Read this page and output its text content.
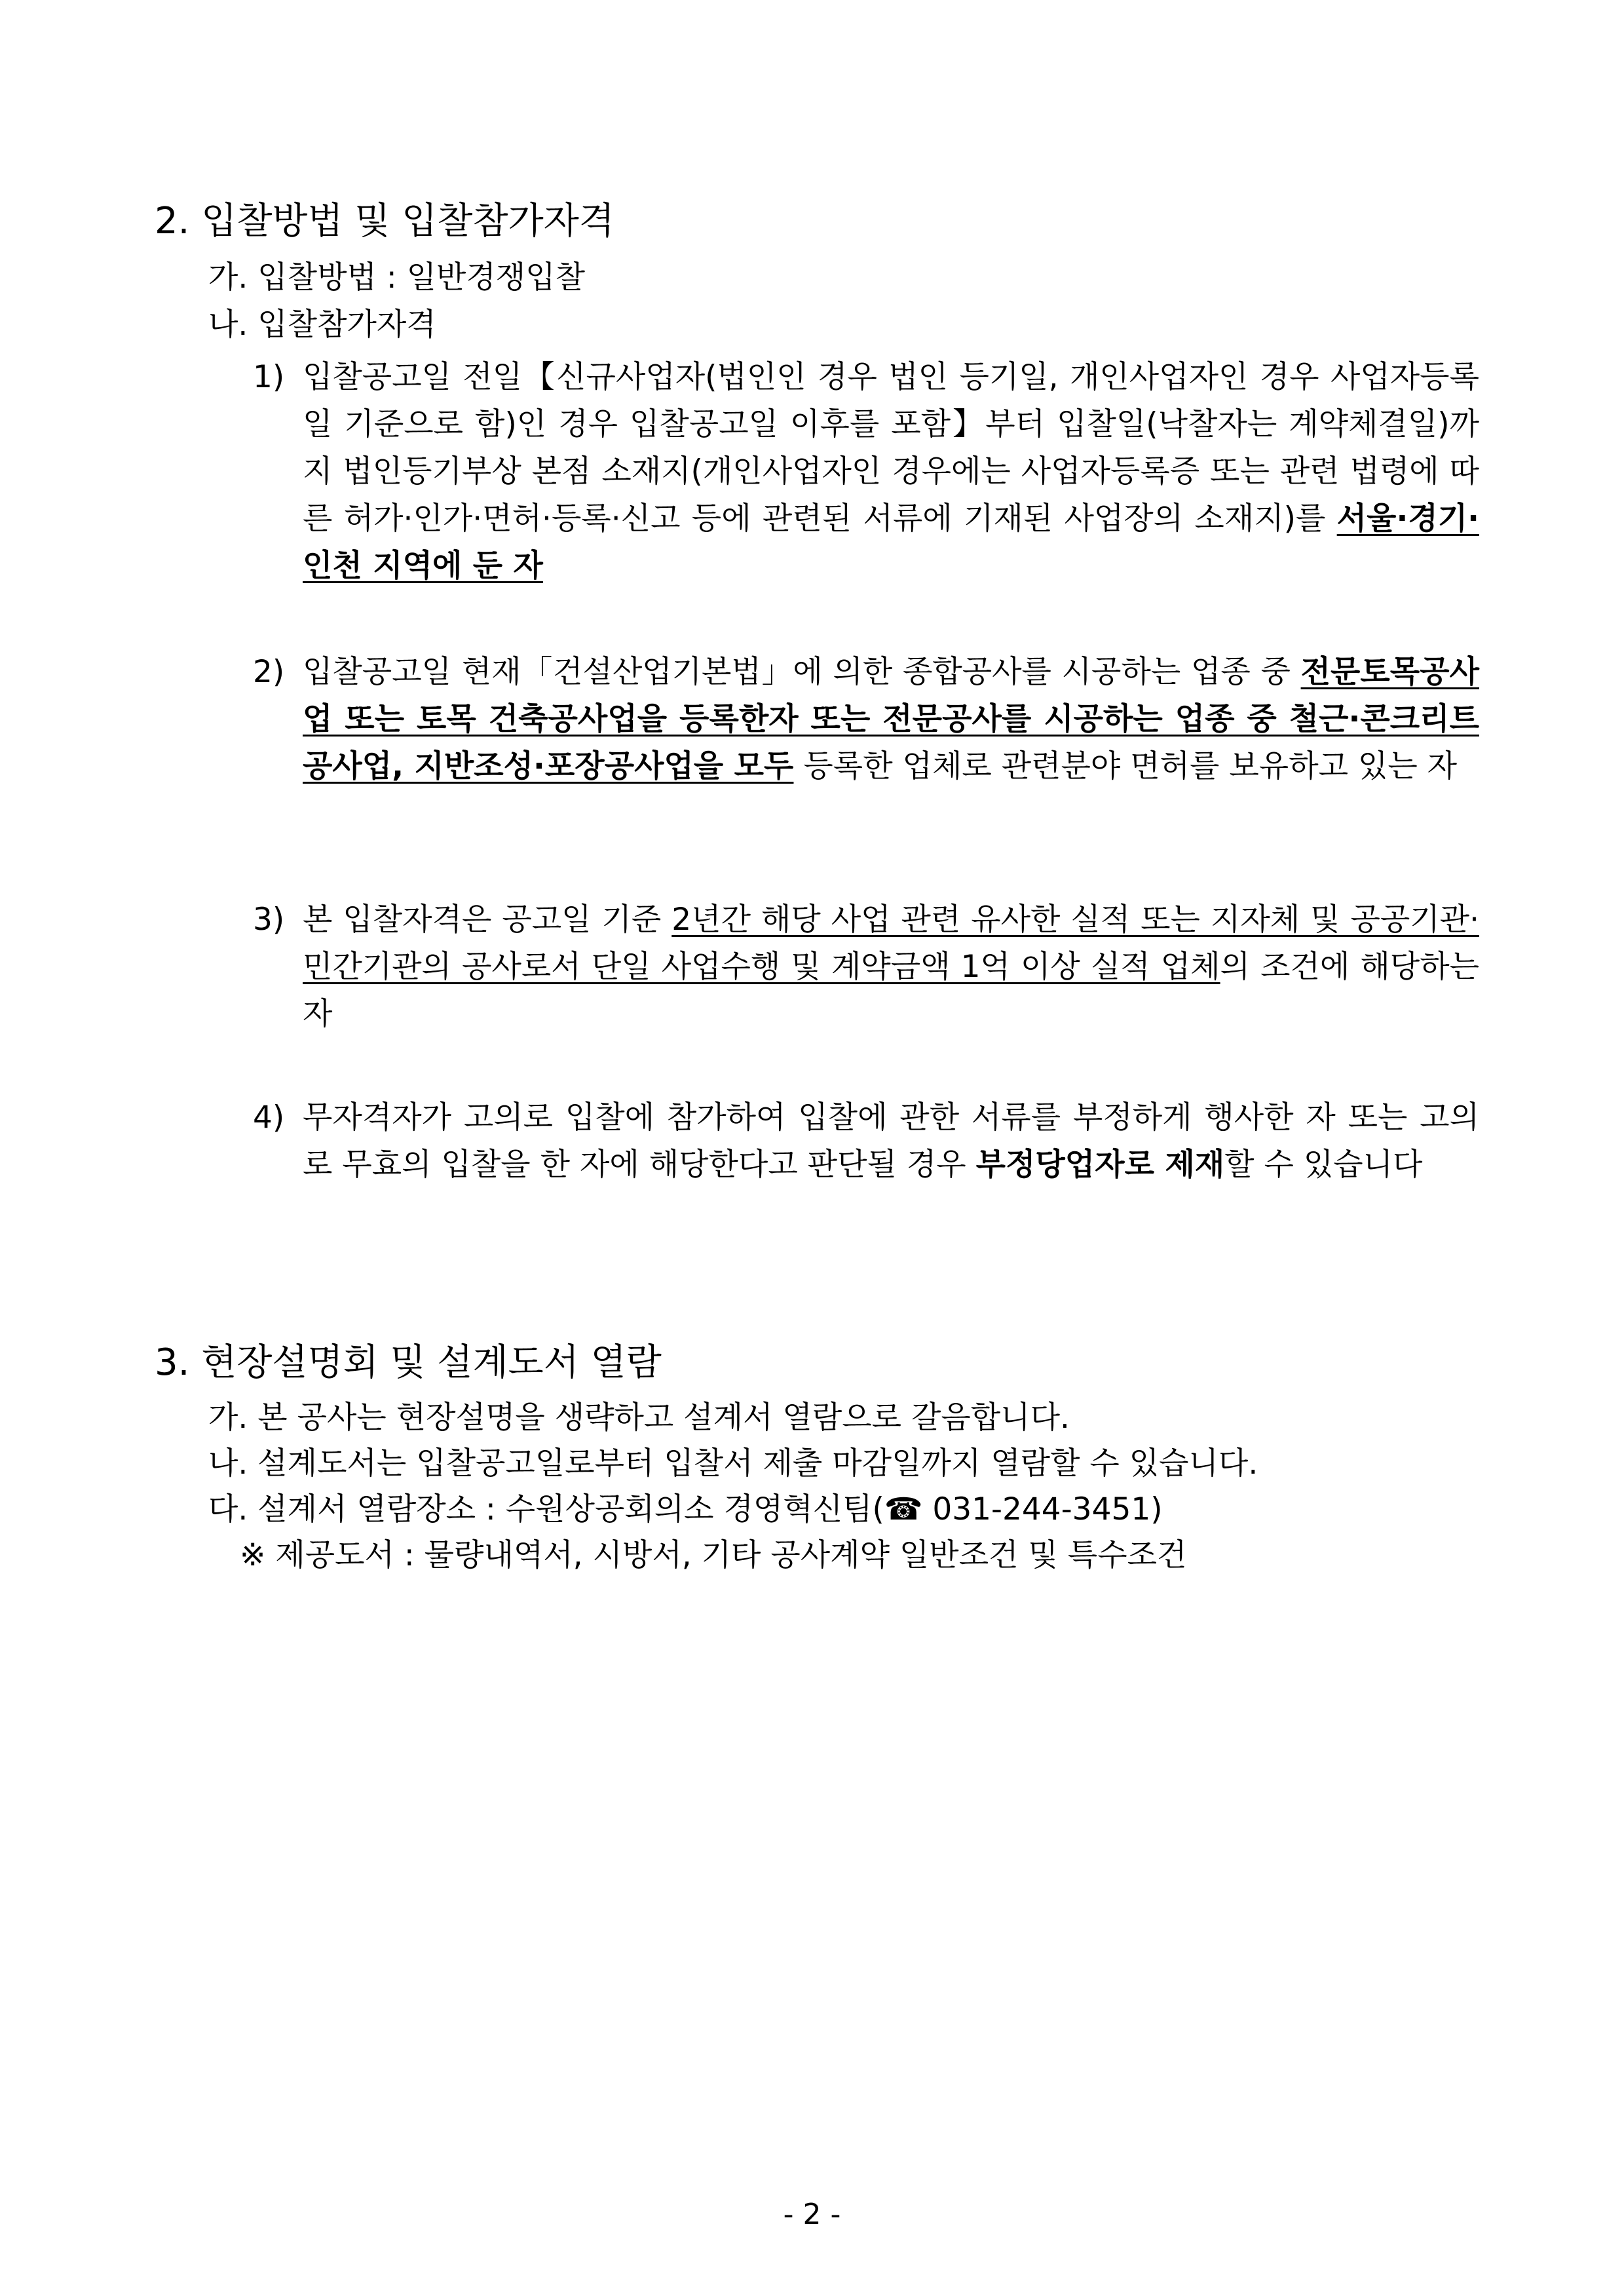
2. 입찰방법 및 입찰참가자격
가. 입찰방법 : 일반경쟁입찰
나. 입찰참가자격
1) 입찰공고일 전일【신규사업자(법인인 경우 법인 등기일, 개인사업자인 경우 사업자등록일 기준으로 함)인 경우 입찰공고일 이후를 포함】부터 입찰일(낙찰자는 계약체결일)까지 법인등기부상 본점 소재지(개인사업자인 경우에는 사업자등록증 또는 관련 법령에 따른 허가·인가·면허·등록·신고 등에 관련된 서류에 기재된 사업장의 소재지)를 서울·경기·인천 지역에 둔 자
2) 입찰공고일 현재「건설산업기본법」에 의한 종합공사를 시공하는 업종 중 전문토목공사업 또는 토목 건축공사업을 등록한자 또는 전문공사를 시공하는 업종 중 철근·콘크리트공사업, 지반조성·포장공사업을 모두 등록한 업체로 관련분야 면허를 보유하고 있는 자
3) 본 입찰자격은 공고일 기준 2년간 해당 사업 관련 유사한 실적 또는 지자체 및 공공기관·민간기관의 공사로서 단일 사업수행 및 계약금액 1억 이상 실적 업체의 조건에 해당하는 자
4) 무자격자가 고의로 입찰에 참가하여 입찰에 관한 서류를 부정하게 행사한 자 또는 고의로 무효의 입찰을 한 자에 해당한다고 판단될 경우 부정당업자로 제재할 수 있습니다
3. 현장설명회 및 설계도서 열람
가. 본 공사는 현장설명을 생략하고 설계서 열람으로 갈음합니다.
나. 설계도서는 입찰공고일로부터 입찰서 제출 마감일까지 열람할 수 있습니다.
다. 설계서 열람장소 : 수원상공회의소 경영혁신팀(☎ 031-244-3451)
※ 제공도서 : 물량내역서, 시방서, 기타 공사계약 일반조건 및 특수조건
- 2 -
